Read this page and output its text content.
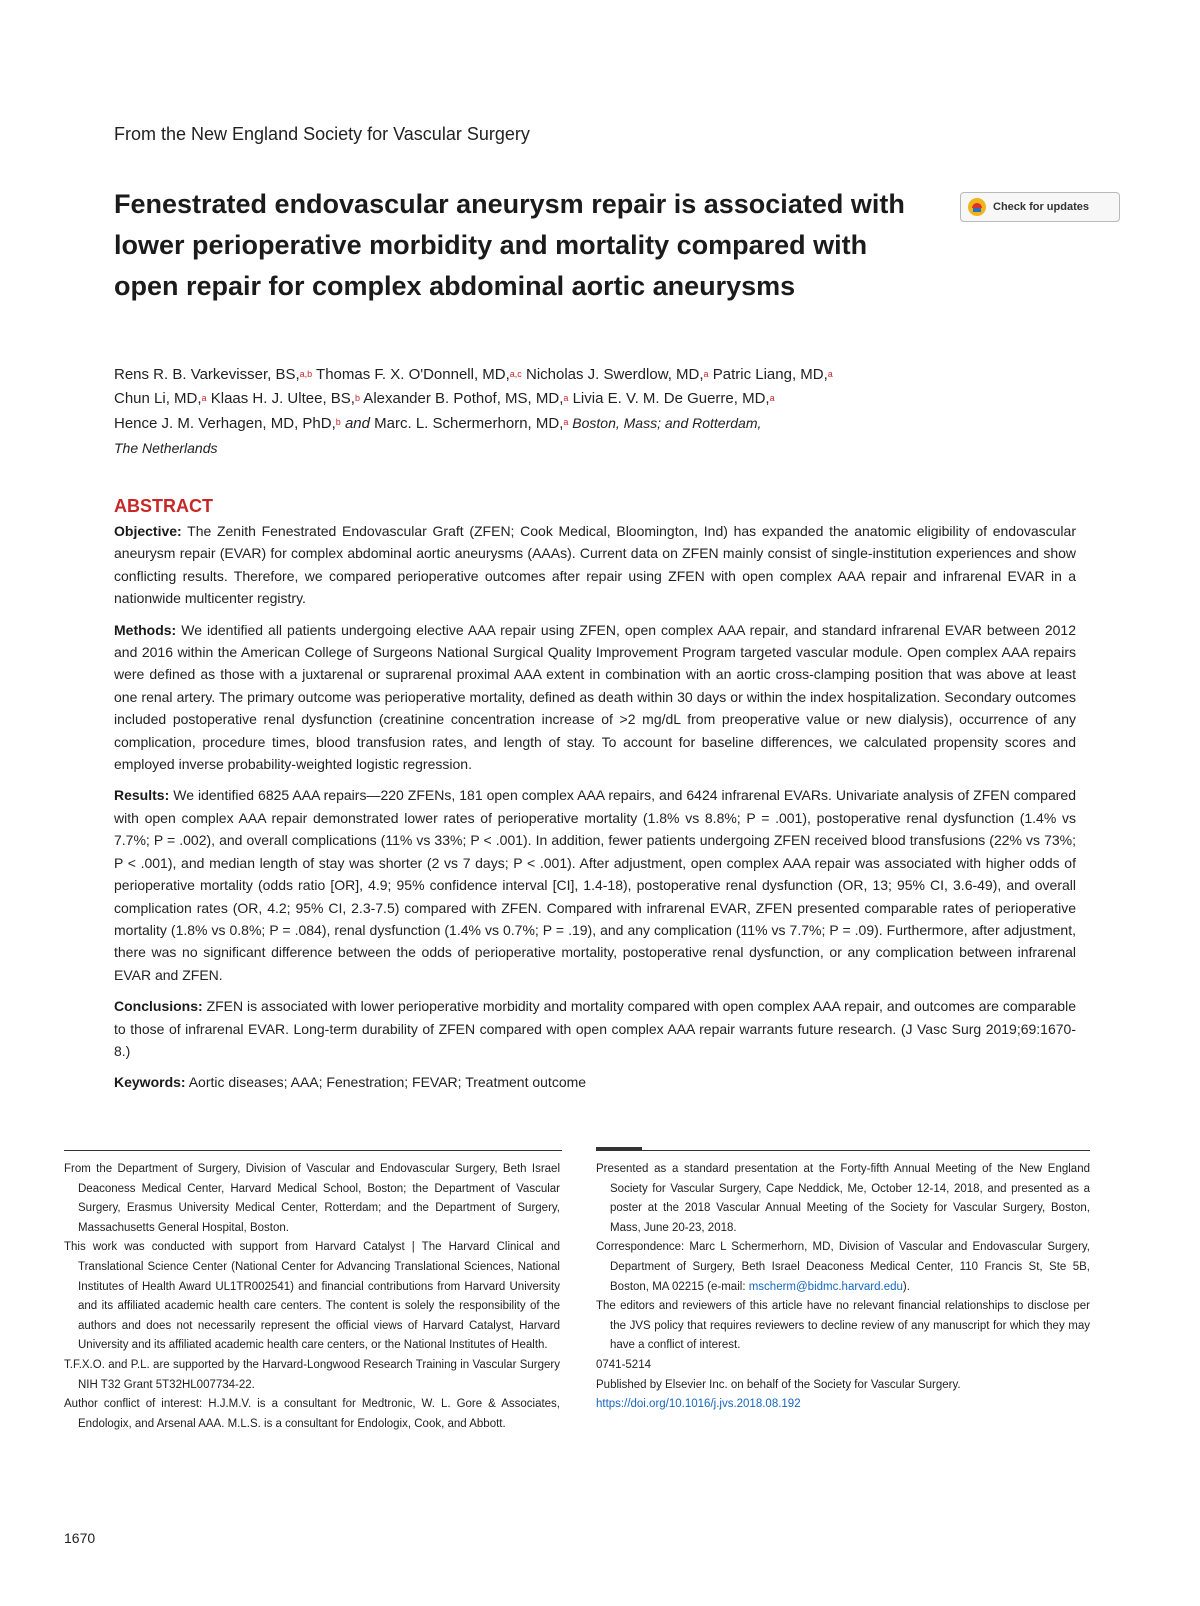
From the New England Society for Vascular Surgery
Fenestrated endovascular aneurysm repair is associated with lower perioperative morbidity and mortality compared with open repair for complex abdominal aortic aneurysms
Check for updates
Rens R. B. Varkevisser, BS,$^{a,b}$ Thomas F. X. O'Donnell, MD,$^{a,c}$ Nicholas J. Swerdlow, MD,$^a$ Patric Liang, MD,$^a$
Chun Li, MD,$^a$ Klaas H. J. Ultee, BS,$^b$ Alexander B. Pothof, MS, MD,$^a$ Livia E. V. M. De Guerre, MD,$^a$
Hence J. M. Verhagen, MD, PhD,$^b$ and Marc. L. Schermerhorn, MD,$^a$ Boston, Mass; and Rotterdam,
The Netherlands
ABSTRACT

Objective: The Zenith Fenestrated Endovascular Graft (ZFEN; Cook Medical, Bloomington, Ind) has expanded the anatomic eligibility of endovascular aneurysm repair (EVAR) for complex abdominal aortic aneurysms (AAAs). Current data on ZFEN mainly consist of single-institution experiences and show conflicting results. Therefore, we compared perioperative outcomes after repair using ZFEN with open complex AAA repair and infrarenal EVAR in a nationwide multicenter registry.

Methods: We identified all patients undergoing elective AAA repair using ZFEN, open complex AAA repair, and standard infrarenal EVAR between 2012 and 2016 within the American College of Surgeons National Surgical Quality Improvement Program targeted vascular module. Open complex AAA repairs were defined as those with a juxtarenal or suprarenal proximal AAA extent in combination with an aortic cross-clamping position that was above at least one renal artery. The primary outcome was perioperative mortality, defined as death within 30 days or within the index hospitalization. Secondary outcomes included postoperative renal dysfunction (creatinine concentration increase of >2 mg/dL from preoperative value or new dialysis), occurrence of any complication, procedure times, blood transfusion rates, and length of stay. To account for baseline differences, we calculated propensity scores and employed inverse probability-weighted logistic regression.

Results: We identified 6825 AAA repairs—220 ZFENs, 181 open complex AAA repairs, and 6424 infrarenal EVARs. Univariate analysis of ZFEN compared with open complex AAA repair demonstrated lower rates of perioperative mortality (1.8% vs 8.8%; P = .001), postoperative renal dysfunction (1.4% vs 7.7%; P = .002), and overall complications (11% vs 33%; P < .001). In addition, fewer patients undergoing ZFEN received blood transfusions (22% vs 73%; P < .001), and median length of stay was shorter (2 vs 7 days; P < .001). After adjustment, open complex AAA repair was associated with higher odds of perioperative mortality (odds ratio [OR], 4.9; 95% confidence interval [CI], 1.4-18), postoperative renal dysfunction (OR, 13; 95% CI, 3.6-49), and overall complication rates (OR, 4.2; 95% CI, 2.3-7.5) compared with ZFEN. Compared with infrarenal EVAR, ZFEN presented comparable rates of perioperative mortality (1.8% vs 0.8%; P = .084), renal dysfunction (1.4% vs 0.7%; P = .19), and any complication (11% vs 7.7%; P = .09). Furthermore, after adjustment, there was no significant difference between the odds of perioperative mortality, postoperative renal dysfunction, or any complication between infrarenal EVAR and ZFEN.

Conclusions: ZFEN is associated with lower perioperative morbidity and mortality compared with open complex AAA repair, and outcomes are comparable to those of infrarenal EVAR. Long-term durability of ZFEN compared with open complex AAA repair warrants future research. (J Vasc Surg 2019;69:1670-8.)

Keywords: Aortic diseases; AAA; Fenestration; FEVAR; Treatment outcome

From the Department of Surgery, Division of Vascular and Endovascular Surgery, Beth Israel Deaconess Medical Center, Harvard Medical School, Boston; the Department of Vascular Surgery, Erasmus University Medical Center, Rotterdam; and the Department of Surgery, Massachusetts General Hospital, Boston.

This work was conducted with support from Harvard Catalyst | The Harvard Clinical and Translational Science Center (National Center for Advancing Translational Sciences, National Institutes of Health Award UL1TR002541) and financial contributions from Harvard University and its affiliated academic health care centers. The content is solely the responsibility of the authors and does not necessarily represent the official views of Harvard Catalyst, Harvard University and its affiliated academic health care centers, or the National Institutes of Health.

T.F.X.O. and P.L. are supported by the Harvard-Longwood Research Training in Vascular Surgery NIH T32 Grant 5T32HL007734-22.

Author conflict of interest: H.J.M.V. is a consultant for Medtronic, W. L. Gore & Associates, Endologix, and Arsenal AAA. M.L.S. is a consultant for Endologix, Cook, and Abbott.

Presented as a standard presentation at the Forty-fifth Annual Meeting of the New England Society for Vascular Surgery, Cape Neddick, Me, October 12-14, 2018, and presented as a poster at the 2018 Vascular Annual Meeting of the Society for Vascular Surgery, Boston, Mass, June 20-23, 2018.

Correspondence: Marc L Schermerhorn, MD, Division of Vascular and Endovascular Surgery, Department of Surgery, Beth Israel Deaconess Medical Center, 110 Francis St, Ste 5B, Boston, MA 02215 (e-mail: mscherm@bidmc.harvard.edu).

The editors and reviewers of this article have no relevant financial relationships to disclose per the JVS policy that requires reviewers to decline review of any manuscript for which they may have a conflict of interest.

0741-5214

Published by Elsevier Inc. on behalf of the Society for Vascular Surgery.

https://doi.org/10.1016/j.jvs.2018.08.192

1670
